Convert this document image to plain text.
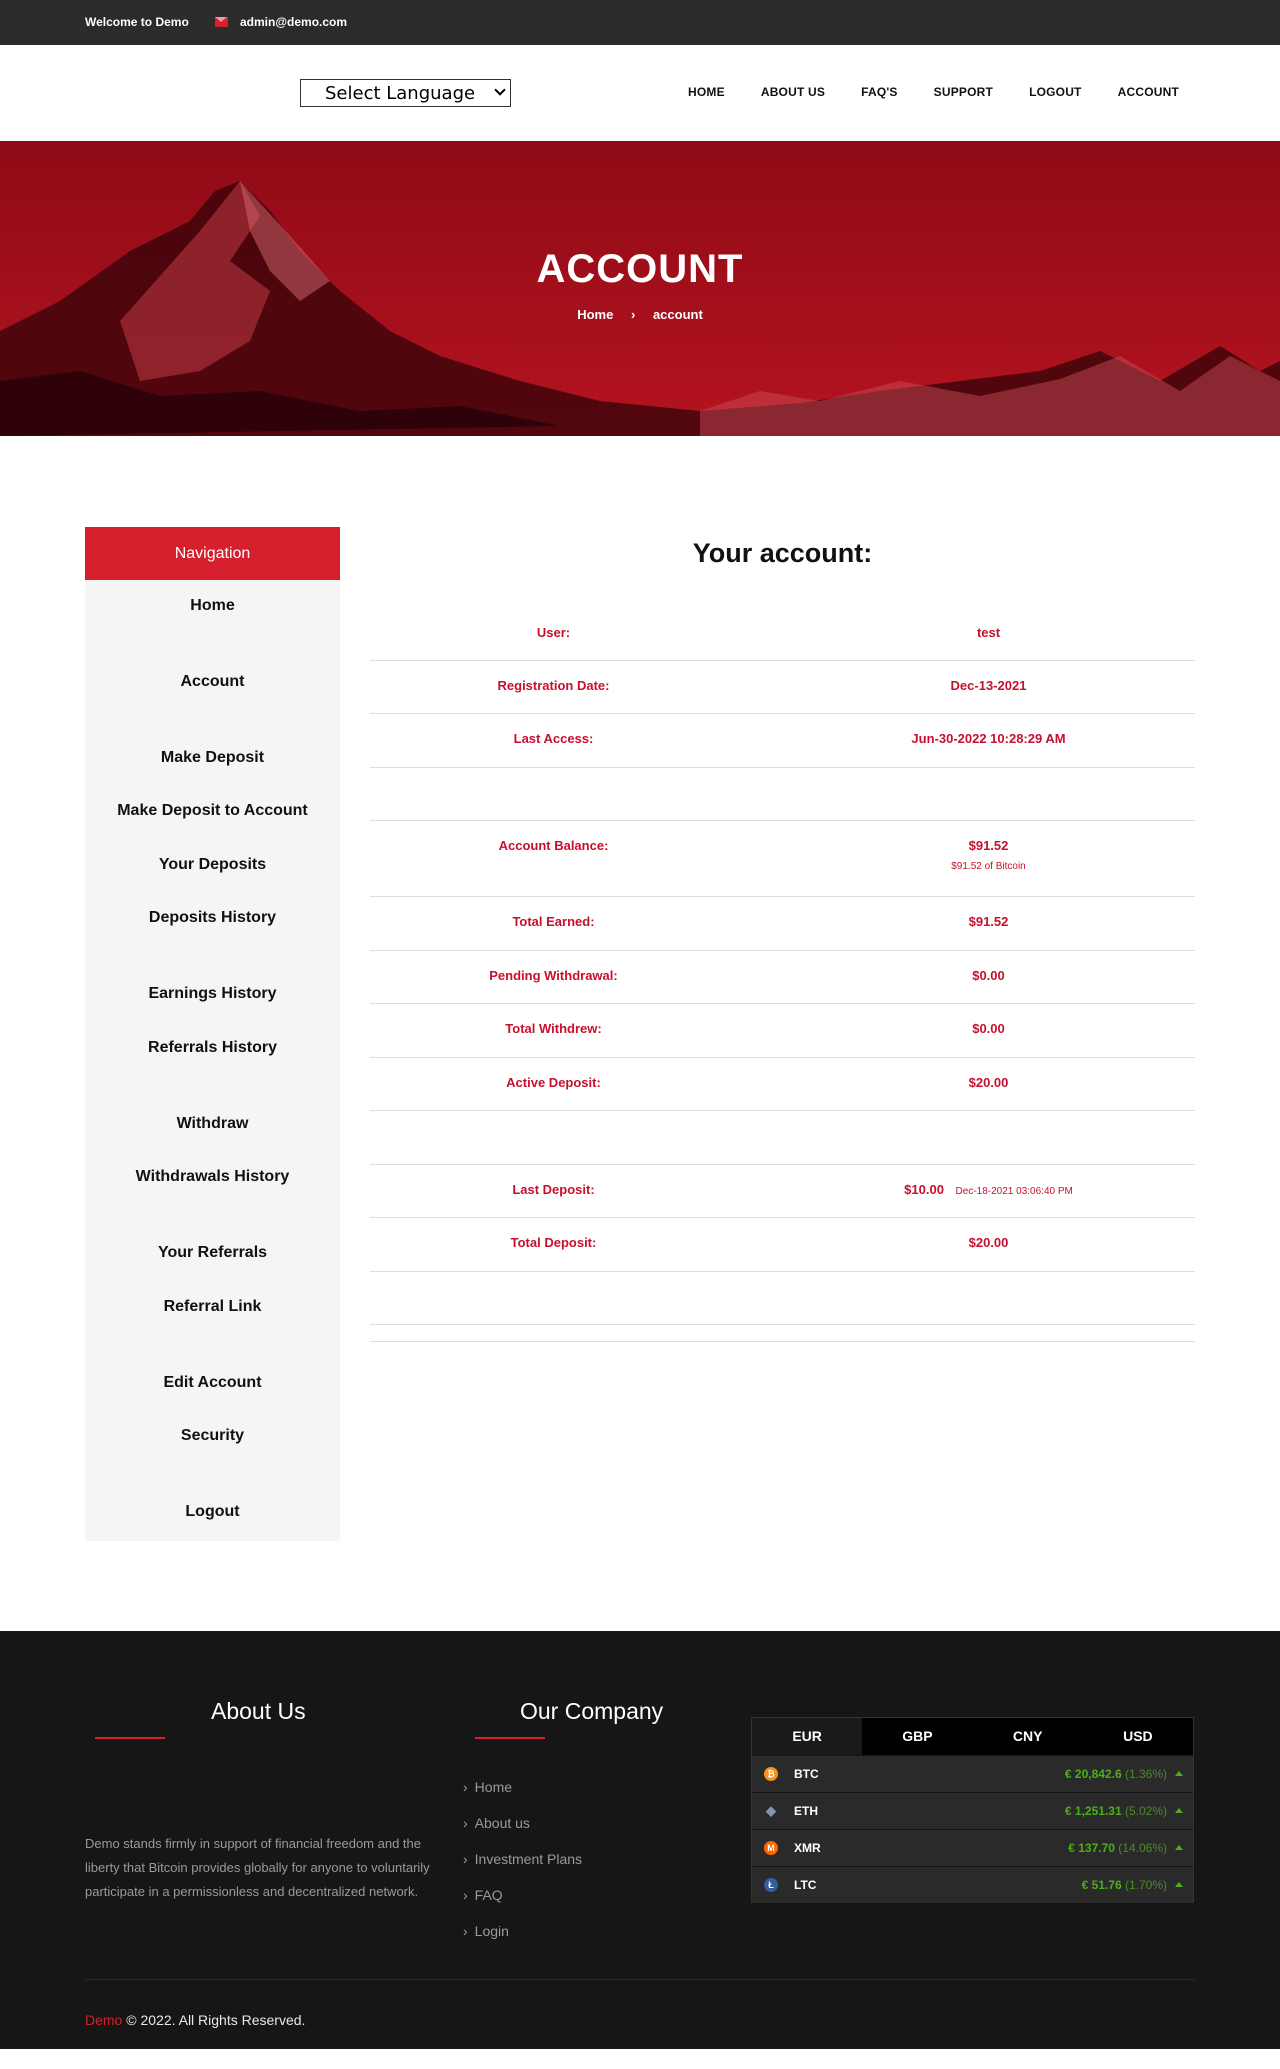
Welcome to Demo	admin@demo.com
Select Language	HOME	ABOUT US	FAQ'S	SUPPORT	LOGOUT	ACCOUNT
ACCOUNT
Home › account
Navigation
Home
Account
Make Deposit
Make Deposit to Account
Your Deposits
Deposits History
Earnings History
Referrals History
Withdraw
Withdrawals History
Your Referrals
Referral Link
Edit Account
Security
Logout
Your account:
User:	test
Registration Date:	Dec-13-2021
Last Access:	Jun-30-2022 10:28:29 AM
Account Balance:	$91.52
$91.52 of Bitcoin
Total Earned:	$91.52
Pending Withdrawal:	$0.00
Total Withdrew:	$0.00
Active Deposit:	$20.00
Last Deposit:	$10.00 Dec-18-2021 03:06:40 PM
Total Deposit:	$20.00
About Us

Demo stands firmly in support of financial freedom and the liberty that Bitcoin provides globally for anyone to voluntarily participate in a permissionless and decentralized network.

Our Company
› Home
› About us
› Investment Plans
› FAQ
› Login
EUR	GBP	CNY	USD
₿ BTC	€ 20,842.6 (1.36%)
◆ ETH	€ 1,251.31 (5.02%)
M XMR	€ 137.70 (14.06%)
Ł	LTC	€ 51.76 (1.70%)
Demo © 2022. All Rights Reserved.
